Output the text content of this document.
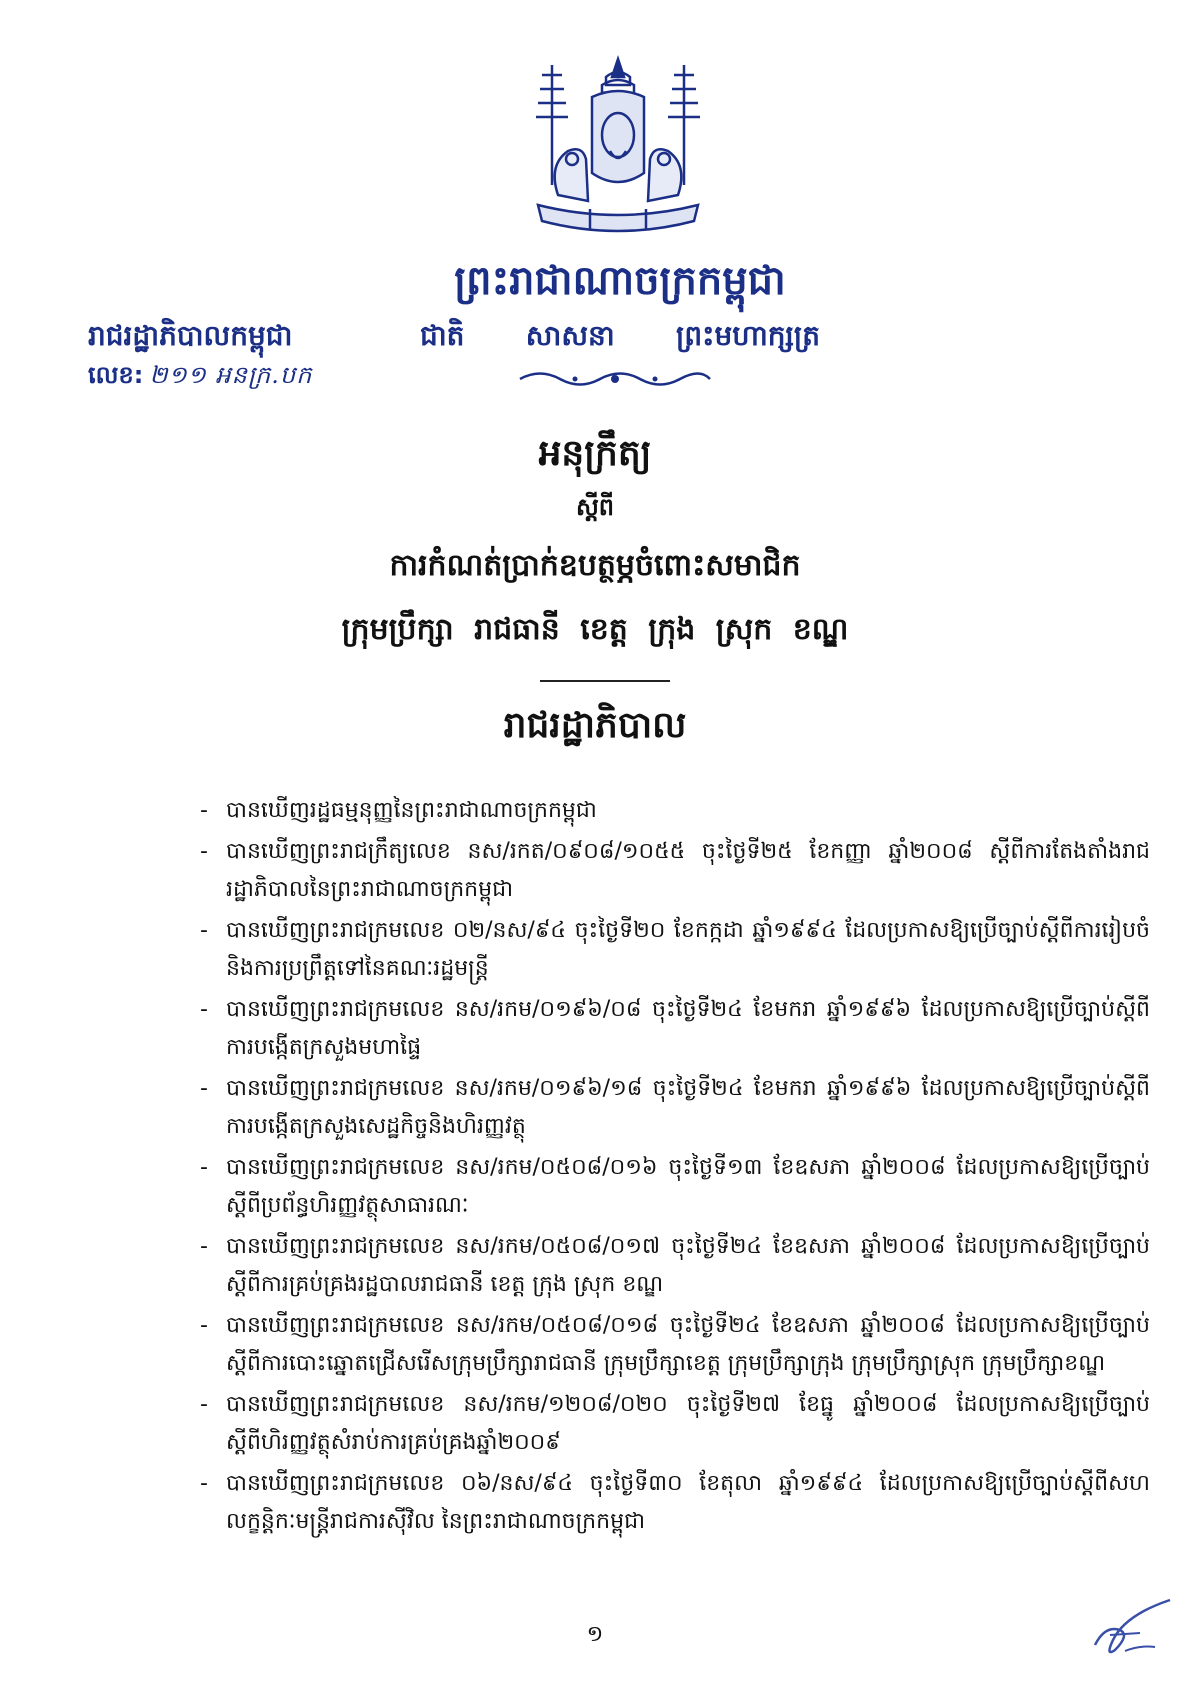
ព្រះរាជាណាចក្រកម្ពុជា
រាជរដ្ឋាភិបាលកម្ពុជា
លេខ: ២១១ អនក្រ.បក
ជាតិ សាសនា ព្រះមហាក្សត្រ
អនុក្រឹត្យ
ស្តីពី
ការកំណត់ប្រាក់ឧបត្ថម្ភចំពោះសមាជិក
ក្រុមប្រឹក្សា រាជធានី ខេត្ត ក្រុង ស្រុក ខណ្ឌ
រាជរដ្ឋាភិបាល
- បានឃើញរដ្ឋធម្មនុញ្ញនៃព្រះរាជាណាចក្រកម្ពុជា
- បានឃើញព្រះរាជក្រឹត្យលេខ នស/រកត/០៩០៨/១០៥៥ ចុះថ្ងៃទី២៥ ខែកញ្ញា ឆ្នាំ២០០៨ ស្តីពីការតែងតាំងរាជរដ្ឋាភិបាលនៃព្រះរាជាណាចក្រកម្ពុជា
- បានឃើញព្រះរាជក្រមលេខ ០២/នស/៩៤ ចុះថ្ងៃទី២០ ខែកក្កដា ឆ្នាំ១៩៩៤ ដែលប្រកាសឱ្យប្រើច្បាប់ស្តីពីការរៀបចំនិងការប្រព្រឹត្តទៅនៃគណៈរដ្ឋមន្ត្រី
- បានឃើញព្រះរាជក្រមលេខ នស/រកម/០១៩៦/០៨ ចុះថ្ងៃទី២៤ ខែមករា ឆ្នាំ១៩៩៦ ដែលប្រកាសឱ្យប្រើច្បាប់ស្តីពីការបង្កើតក្រសួងមហាផ្ទៃ
- បានឃើញព្រះរាជក្រមលេខ នស/រកម/០១៩៦/១៨ ចុះថ្ងៃទី២៤ ខែមករា ឆ្នាំ១៩៩៦ ដែលប្រកាសឱ្យប្រើច្បាប់ស្តីពីការបង្កើតក្រសួងសេដ្ឋកិច្ចនិងហិរញ្ញវត្ថុ
- បានឃើញព្រះរាជក្រមលេខ នស/រកម/០៥០៨/០១៦ ចុះថ្ងៃទី១៣ ខែឧសភា ឆ្នាំ២០០៨ ដែលប្រកាសឱ្យប្រើច្បាប់ស្តីពីប្រព័ន្ធហិរញ្ញវត្ថុសាធារណៈ
- បានឃើញព្រះរាជក្រមលេខ នស/រកម/០៥០៨/០១៧ ចុះថ្ងៃទី២៤ ខែឧសភា ឆ្នាំ២០០៨ ដែលប្រកាសឱ្យប្រើច្បាប់ស្តីពីការគ្រប់គ្រងរដ្ឋបាលរាជធានី ខេត្ត ក្រុង ស្រុក ខណ្ឌ
- បានឃើញព្រះរាជក្រមលេខ នស/រកម/០៥០៨/០១៨ ចុះថ្ងៃទី២៤ ខែឧសភា ឆ្នាំ២០០៨ ដែលប្រកាសឱ្យប្រើច្បាប់ស្តីពីការបោះឆ្នោតជ្រើសរើសក្រុមប្រឹក្សារាជធានី ក្រុមប្រឹក្សាខេត្ត ក្រុមប្រឹក្សាក្រុង ក្រុមប្រឹក្សាស្រុក ក្រុមប្រឹក្សាខណ្ឌ
- បានឃើញព្រះរាជក្រមលេខ នស/រកម/១២០៨/០២០ ចុះថ្ងៃទី២៧ ខែធ្នូ ឆ្នាំ២០០៨ ដែលប្រកាសឱ្យប្រើច្បាប់ស្តីពីហិរញ្ញវត្ថុសំរាប់ការគ្រប់គ្រងឆ្នាំ២០០៩
- បានឃើញព្រះរាជក្រមលេខ ០៦/នស/៩៤ ចុះថ្ងៃទី៣០ ខែតុលា ឆ្នាំ១៩៩៤ ដែលប្រកាសឱ្យប្រើច្បាប់ស្តីពីសហលក្ខន្តិកៈមន្ត្រីរាជការស៊ីវិល នៃព្រះរាជាណាចក្រកម្ពុជា
១
